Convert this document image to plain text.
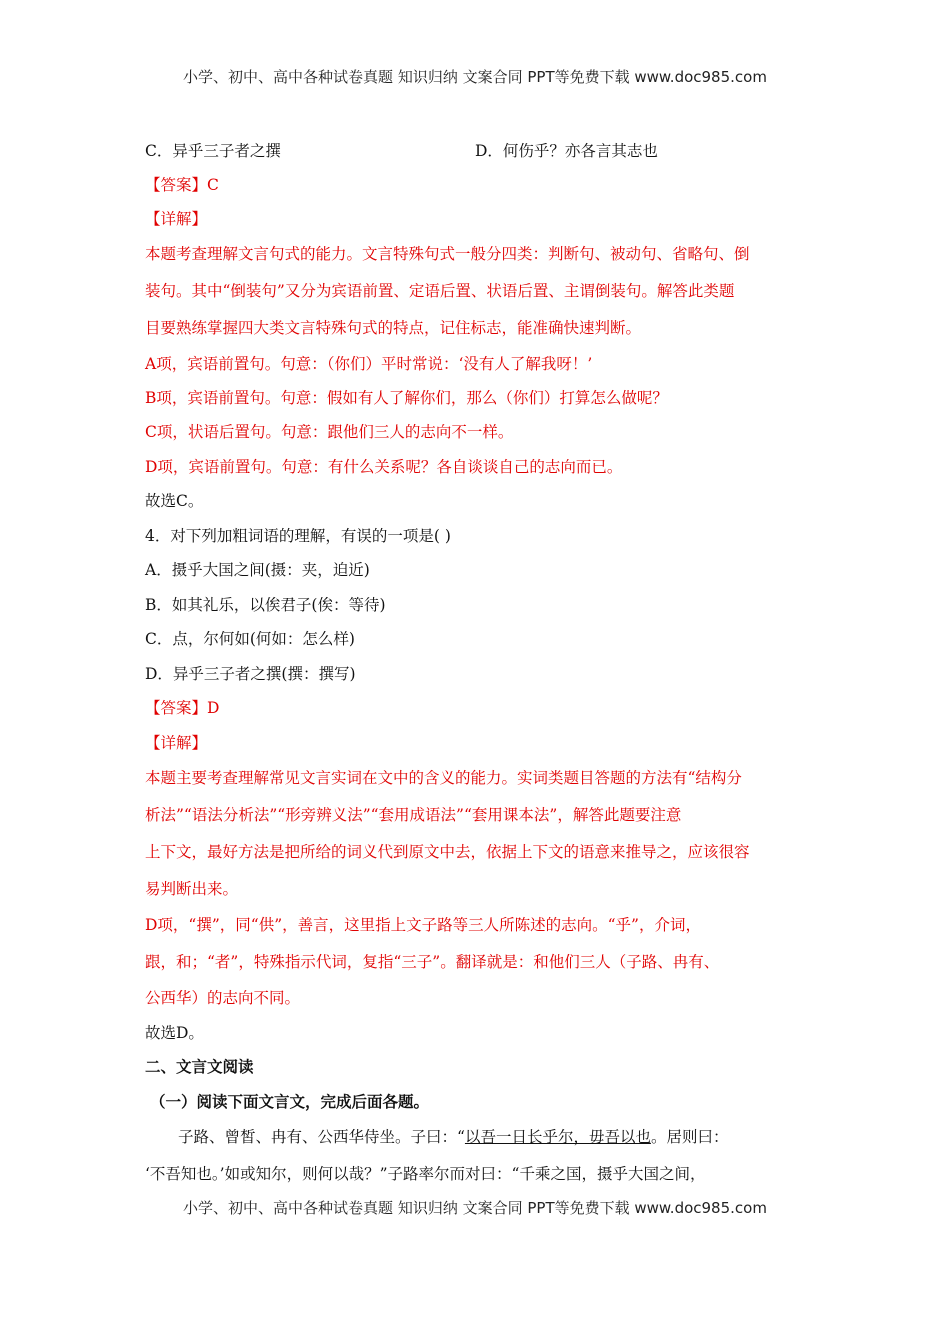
小学、初中、高中各种试卷真题 知识归纳 文案合同 PPT等免费下载 www.doc985.com
C．异乎三子者之撰	D．何伤乎？亦各言其志也
【答案】C
【详解】
本题考查理解文言句式的能力。文言特殊句式一般分四类：判断句、被动句、省略句、倒
装句。其中“倒装句”又分为宾语前置、定语后置、状语后置、主谓倒装句。解答此类题
目要熟练掌握四大类文言特殊句式的特点，记住标志，能准确快速判断。
A项，宾语前置句。句意：（你们）平时常说：‘没有人了解我呀！’
B项，宾语前置句。句意：假如有人了解你们，那么（你们）打算怎么做呢？
C项，状语后置句。句意：跟他们三人的志向不一样。
D项，宾语前置句。句意：有什么关系呢？各自谈谈自己的志向而已。
故选C。
4．对下列加粗词语的理解，有误的一项是( )
A．摄乎大国之间(摄：夹，迫近)
B．如其礼乐，以俟君子(俟：等待)
C．点，尔何如(何如：怎么样)
D．异乎三子者之撰(撰：撰写)
【答案】D
【详解】
本题主要考查理解常见文言实词在文中的含义的能力。实词类题目答题的方法有“结构分
析法”“语法分析法”“形旁辨义法”“套用成语法”“套用课本法”，解答此题要注意
上下文，最好方法是把所给的词义代到原文中去，依据上下文的语意来推导之，应该很容
易判断出来。
D项，“撰”，同“供”，善言，这里指上文子路等三人所陈述的志向。“乎”，介词，
跟，和；“者”，特殊指示代词，复指“三子”。翻译就是：和他们三人（子路、冉有、
公西华）的志向不同。
故选D。
二、文言文阅读
（一）阅读下面文言文，完成后面各题。
子路、曾皙、冉有、公西华侍坐。子曰：“以吾一日长乎尔，毋吾以也。居则曰：
‘不吾知也。’如或知尔，则何以哉？”子路率尔而对曰：“千乘之国，摄乎大国之间，
小学、初中、高中各种试卷真题 知识归纳 文案合同 PPT等免费下载 www.doc985.com
